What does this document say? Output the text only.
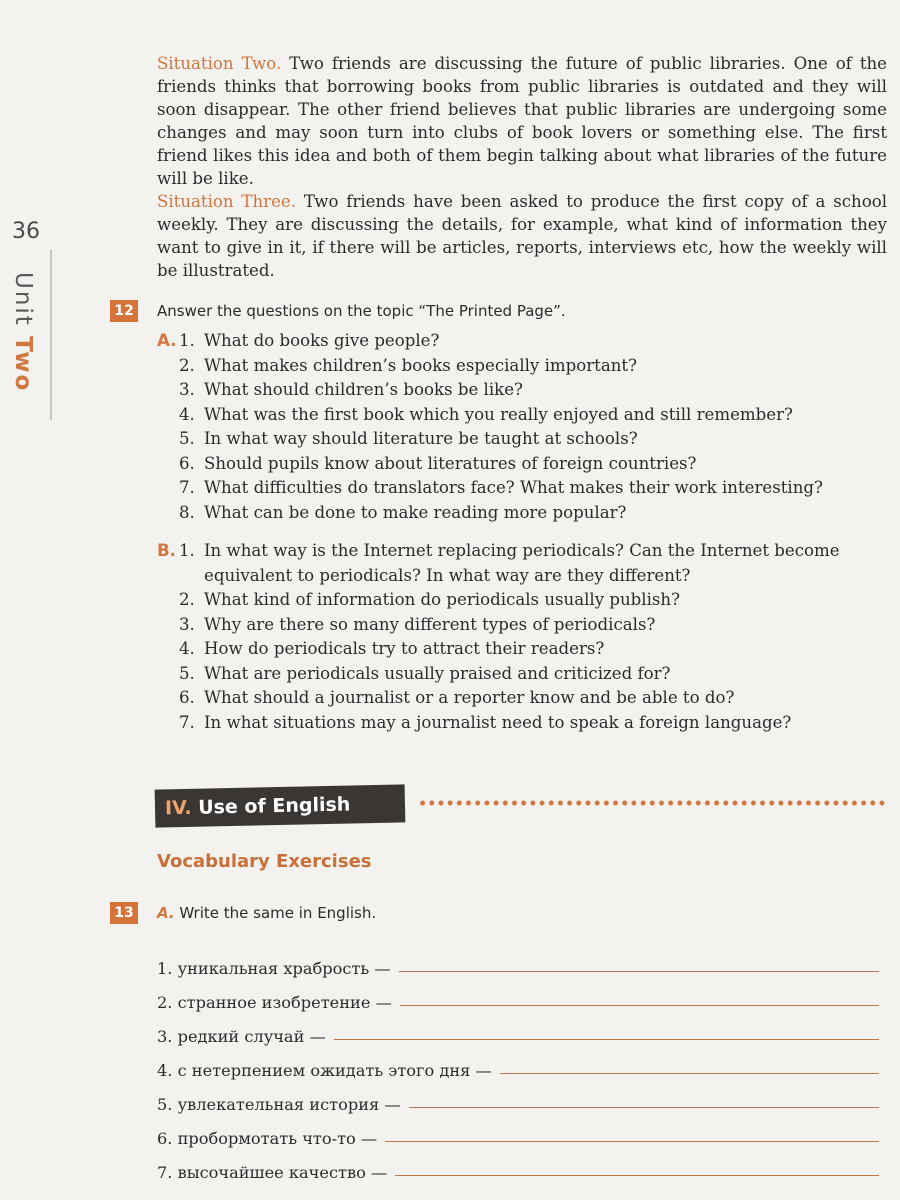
36
Unit Two
Situation Two. Two friends are discussing the future of public libraries. One of the friends thinks that borrowing books from public libraries is outdated and they will soon disappear. The other friend believes that public libraries are undergoing some changes and may soon turn into clubs of book lovers or something else. The first friend likes this idea and both of them begin talking about what libraries of the future will be like.
Situation Three. Two friends have been asked to produce the first copy of a school weekly. They are discussing the details, for example, what kind of information they want to give in it, if there will be articles, reports, interviews etc, how the weekly will be illustrated.
12 Answer the questions on the topic “The Printed Page”.
A. 1. What do books give people?
2. What makes children’s books especially important?
3. What should children’s books be like?
4. What was the first book which you really enjoyed and still remember?
5. In what way should literature be taught at schools?
6. Should pupils know about literatures of foreign countries?
7. What difficulties do translators face? What makes their work interesting?
8. What can be done to make reading more popular?
B. 1. In what way is the Internet replacing periodicals? Can the Internet become equivalent to periodicals? In what way are they different?
2. What kind of information do periodicals usually publish?
3. Why are there so many different types of periodicals?
4. How do periodicals try to attract their readers?
5. What are periodicals usually praised and criticized for?
6. What should a journalist or a reporter know and be able to do?
7. In what situations may a journalist need to speak a foreign language?
IV. Use of English
Vocabulary Exercises
13 A. Write the same in English.
1. уникальная храбрость —
2. странное изобретение —
3. редкий случай —
4. с нетерпением ожидать этого дня —
5. увлекательная история —
6. пробормотать что-то —
7. высочайшее качество —
